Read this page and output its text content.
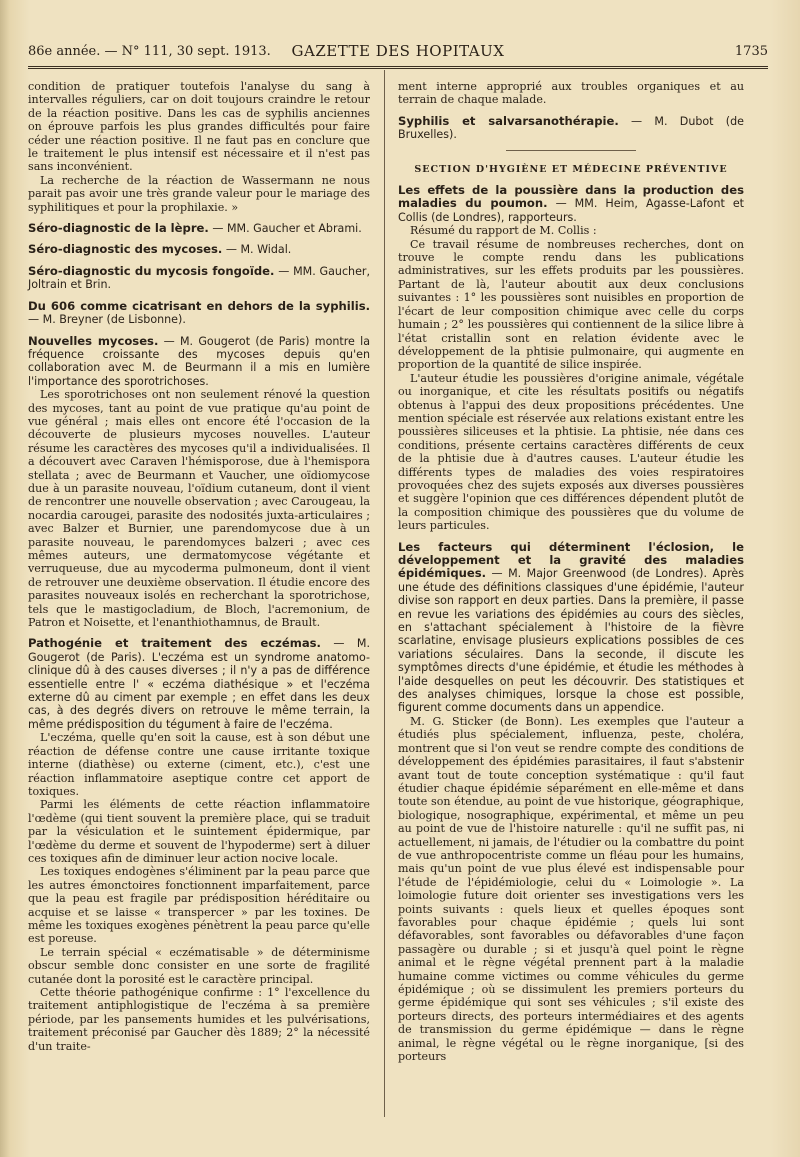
86e année. — N° 111, 30 sept. 1913.	GAZETTE DES HOPITAUX	1735

condition de pratiquer toutefois l'analyse du sang à intervalles réguliers, car on doit toujours craindre le retour de la réaction positive. Dans les cas de syphilis anciennes on éprouve parfois les plus grandes difficultés pour faire céder une réaction positive. Il ne faut pas en conclure que le traitement le plus intensif est nécessaire et il n'est pas sans inconvénient.

La recherche de la réaction de Wassermann ne nous parait pas avoir une très grande valeur pour le mariage des syphilitiques et pour la prophilaxie. »

Séro-diagnostic de la lèpre. — MM. Gaucher et Abrami.
Séro-diagnostic des mycoses. — M. Widal.
Séro-diagnostic du mycosis fongoïde. — MM. Gaucher, Joltrain et Brin.
Du 606 comme cicatrisant en dehors de la syphilis. — M. Breyner (de Lisbonne).
Nouvelles mycoses. — M. Gougerot (de Paris) montre la fréquence croissante des mycoses depuis qu'en collaboration avec M. de Beurmann il a mis en lumière l'importance des sporotrichoses.

Les sporotrichoses ont non seulement rénové la question des mycoses, tant au point de vue pratique qu'au point de vue général ; mais elles ont encore été l'occasion de la découverte de plusieurs mycoses nouvelles. L'auteur résume les caractères des mycoses qu'il a individualisées. Il a découvert avec Caraven l'hémisporose, due à l'hemispora stellata ; avec de Beurmann et Vaucher, une oïdiomycose due à un parasite nouveau, l'oïdium cutaneum, dont il vient de rencontrer une nouvelle observation ; avec Carougeau, la nocardia carougei, parasite des nodosités juxta-articulaires ; avec Balzer et Burnier, une parendomycose due à un parasite nouveau, le parendomyces balzeri ; avec ces mêmes auteurs, une dermatomycose végétante et verruqueuse, due au mycoderma pulmoneum, dont il vient de retrouver une deuxième observation. Il étudie encore des parasites nouveaux isolés en recherchant la sporotrichose, tels que le mastigocladium, de Bloch, l'acremonium, de Patron et Noisette, et l'enanthiothamnus, de Brault.

Pathogénie et traitement des eczémas. — M. Gougerot (de Paris). L'eczéma est un syndrome anatomo-clinique dû à des causes diverses ; il n'y a pas de différence essentielle entre l' « eczéma diathésique » et l'eczéma externe dû au ciment par exemple ; en effet dans les deux cas, à des degrés divers on retrouve le même terrain, la même prédisposition du tégument à faire de l'eczéma.

L'eczéma, quelle qu'en soit la cause, est à son début une réaction de défense contre une cause irritante toxique interne (diathèse) ou externe (ciment, etc.), c'est une réaction inflammatoire aseptique contre cet apport de toxiques.

Parmi les éléments de cette réaction inflammatoire l'œdème (qui tient souvent la première place, qui se traduit par la vésiculation et le suintement épidermique, par l'œdème du derme et souvent de l'hypoderme) sert à diluer ces toxiques afin de diminuer leur action nocive locale.

Les toxiques endogènes s'éliminent par la peau parce que les autres émonctoires fonctionnent imparfaitement, parce que la peau est fragile par prédisposition héréditaire ou acquise et se laisse « transpercer » par les toxines. De même les toxiques exogènes pénètrent la peau parce qu'elle est poreuse.

Le terrain spécial « eczématisable » de déterminisme obscur semble donc consister en une sorte de fragilité cutanée dont la porosité est le caractère principal.

Cette théorie pathogénique confirme : 1° l'excellence du traitement antiphlogistique de l'eczéma à sa première période, par les pansements humides et les pulvérisations, traitement préconisé par Gaucher dès 1889; 2° la nécessité d'un traite-

ment interne approprié aux troubles organiques et au terrain de chaque malade.

Syphilis et salvarsanothérapie. — M. Dubot (de Bruxelles).
SECTION D'HYGIÈNE ET MÉDECINE PRÉVENTIVE
Les effets de la poussière dans la production des maladies du poumon. — MM. Heim, Agasse-Lafont et Collis (de Londres), rapporteurs.

Résumé du rapport de M. Collis :

Ce travail résume de nombreuses recherches, dont on trouve le compte rendu dans les publications administratives, sur les effets produits par les poussières. Partant de là, l'auteur aboutit aux deux conclusions suivantes : 1° les poussières sont nuisibles en proportion de l'écart de leur composition chimique avec celle du corps humain ; 2° les poussières qui contiennent de la silice libre à l'état cristallin sont en relation évidente avec le développement de la phtisie pulmonaire, qui augmente en proportion de la quantité de silice inspirée.

L'auteur étudie les poussières d'origine animale, végétale ou inorganique, et cite les résultats positifs ou négatifs obtenus à l'appui des deux propositions précédentes. Une mention spéciale est réservée aux relations existant entre les poussières siliceuses et la phtisie. La phtisie, née dans ces conditions, présente certains caractères différents de ceux de la phtisie due à d'autres causes. L'auteur étudie les différents types de maladies des voies respiratoires provoquées chez des sujets exposés aux diverses poussières et suggère l'opinion que ces différences dépendent plutôt de la composition chimique des poussières que du volume de leurs particules.

Les facteurs qui déterminent l'éclosion, le développement et la gravité des maladies épidémiques. — M. Major Greenwood (de Londres). Après une étude des définitions classiques d'une épidémie, l'auteur divise son rapport en deux parties. Dans la première, il passe en revue les variations des épidémies au cours des siècles, en s'attachant spécialement à l'histoire de la fièvre scarlatine, envisage plusieurs explications possibles de ces variations séculaires. Dans la seconde, il discute les symptômes directs d'une épidémie, et étudie les méthodes à l'aide desquelles on peut les découvrir. Des statistiques et des analyses chimiques, lorsque la chose est possible, figurent comme documents dans un appendice.

M. G. Sticker (de Bonn). Les exemples que l'auteur a étudiés plus spécialement, influenza, peste, choléra, montrent que si l'on veut se rendre compte des conditions de développement des épidémies parasitaires, il faut s'abstenir avant tout de toute conception systématique : qu'il faut étudier chaque épidémie séparément en elle-même et dans toute son étendue, au point de vue historique, géographique, biologique, nosographique, expérimental, et même un peu au point de vue de l'histoire naturelle : qu'il ne suffit pas, ni actuellement, ni jamais, de l'étudier ou la combattre du point de vue anthropocentriste comme un fléau pour les humains, mais qu'un point de vue plus élevé est indispensable pour l'étude de l'épidémiologie, celui du « Loimologie ». La loimologie future doit orienter ses investigations vers les points suivants : quels lieux et quelles époques sont favorables pour chaque épidémie ; quels lui sont défavorables, sont favorables ou défavorables d'une façon passagère ou durable ; si et jusqu'à quel point le règne animal et le règne végétal prennent part à la maladie humaine comme victimes ou comme véhicules du germe épidémique ; où se dissimulent les premiers porteurs du germe épidémique qui sont ses véhicules ; s'il existe des porteurs directs, des porteurs intermédiaires et des agents de transmission du germe épidémique — dans le règne animal, le règne végétal ou le règne inorganique, [si des porteurs
